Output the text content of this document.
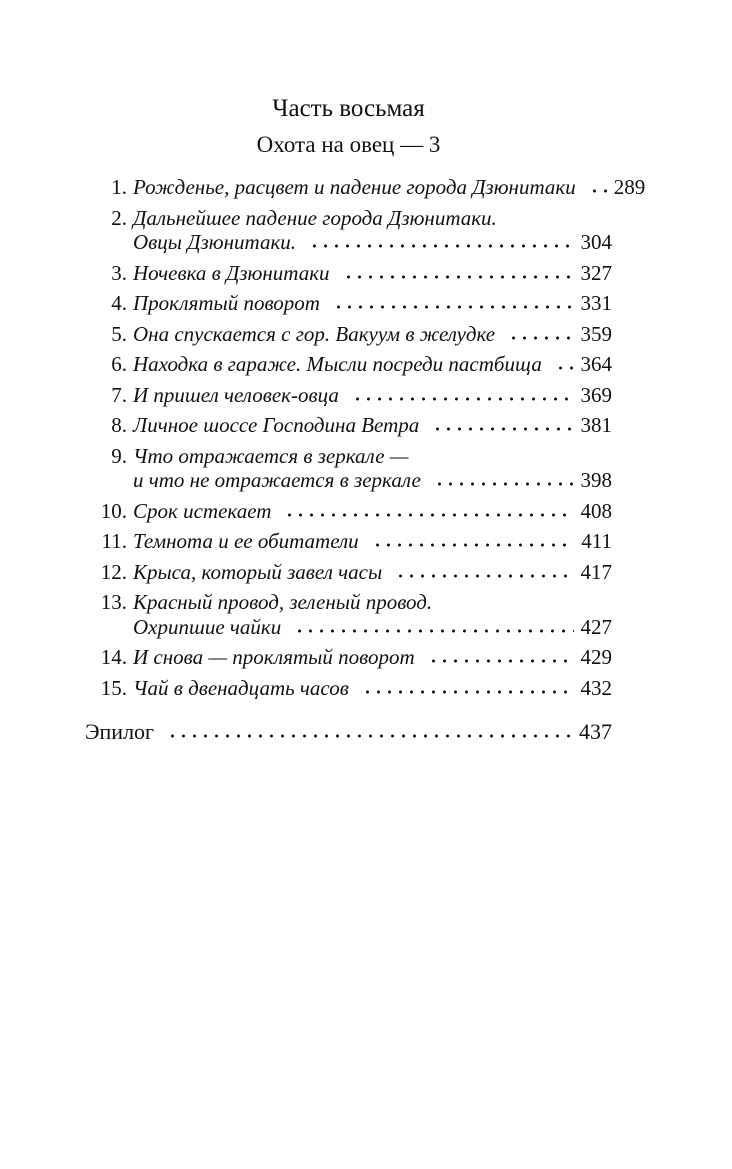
Часть восьмая
Охота на овец — 3
1. Рожденье, расцвет и падение города Дзюнитаки 289
2. Дальнейшее падение города Дзюнитаки.
Овцы Дзюнитаки.	304
3. Ночевка в Дзюнитаки	327
4. Проклятый поворот	331
5. Она спускается с гор. Вакуум в желудке	359
6. Находка в гараже. Мысли посреди пастбища 364
7. И пришел человек-овца	369
8. Личное шоссе Господина Ветра	381
9. Что отражается в зеркале —
и что не отражается в зеркале	398
10. Срок истекает	408
11. Темнота и ее обитатели	411
12. Крыса, который завел часы	417
13. Красный провод, зеленый провод.
Охрипшие чайки	427
14. И снова — проклятый поворот	429
15. Чай в двенадцать часов	432
Эпилог	437
